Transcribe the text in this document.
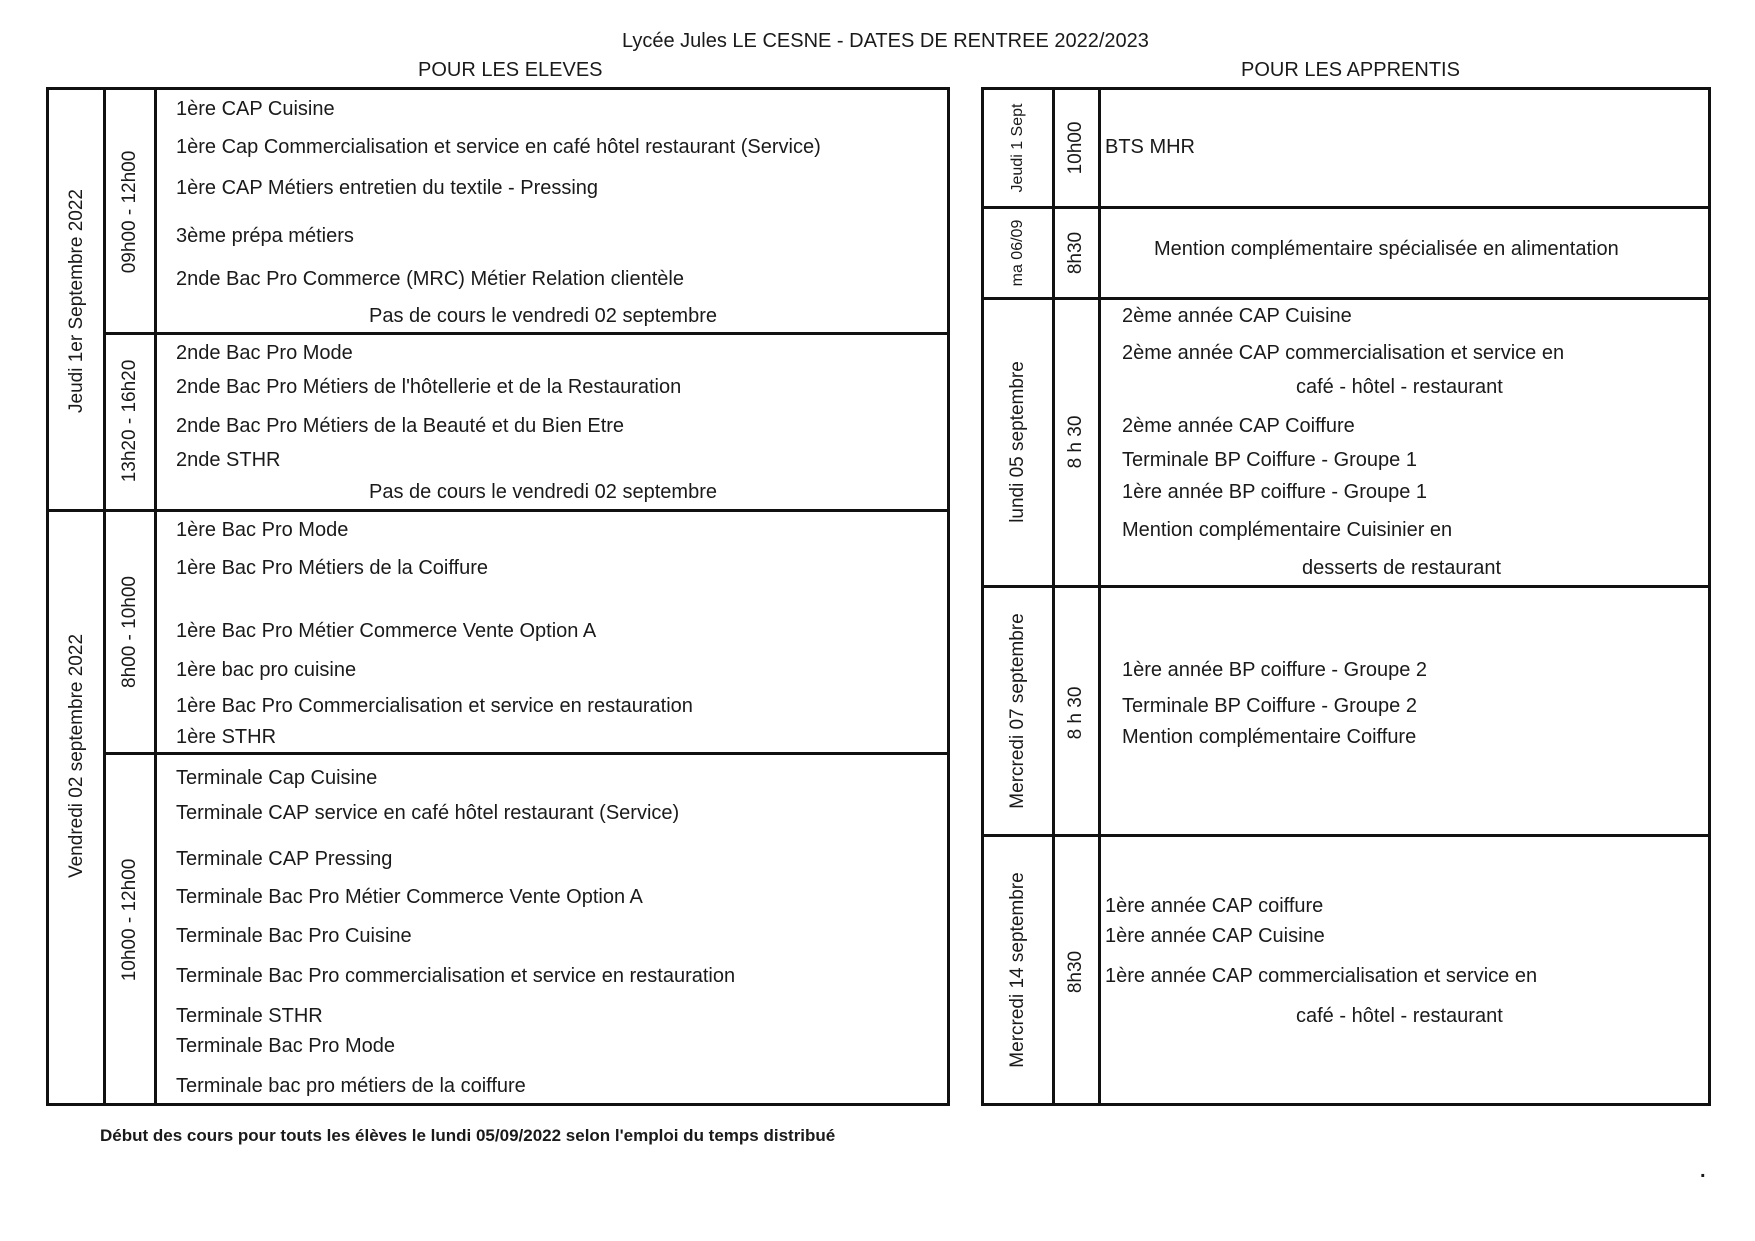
Lycée Jules LE CESNE - DATES DE RENTREE 2022/2023
POUR LES ELEVES	POUR LES APPRENTIS
Jeudi 1er Septembre 2022
Vendredi 02 septembre 2022
09h00 - 12h00
13h20 - 16h20
8h00 - 10h00
10h00 - 12h00
1ère CAP Cuisine
1ère Cap Commercialisation et service en café hôtel restaurant (Service)
1ère CAP Métiers entretien du textile - Pressing
3ème prépa métiers
2nde Bac Pro Commerce (MRC) Métier Relation clientèle
Pas de cours le vendredi 02 septembre
2nde Bac Pro Mode
2nde Bac Pro Métiers de l'hôtellerie et de la Restauration
2nde Bac Pro Métiers de la Beauté et du Bien Etre
2nde STHR
Pas de cours le vendredi 02 septembre
1ère Bac Pro Mode
1ère Bac Pro Métiers de la Coiffure
1ère Bac Pro Métier Commerce Vente Option A
1ère bac pro cuisine
1ère Bac Pro Commercialisation et service en restauration
1ère STHR
Terminale Cap Cuisine
Terminale CAP service en café hôtel restaurant (Service)
Terminale CAP Pressing
Terminale Bac Pro Métier Commerce Vente Option A
Terminale Bac Pro Cuisine
Terminale Bac Pro commercialisation et service en restauration
Terminale STHR
Terminale Bac Pro Mode
Terminale bac pro métiers de la coiffure
Jeudi 1 Sept
ma 06/09
lundi 05 septembre
Mercredi 07 septembre
Mercredi 14 septembre
10h00
8h30
8 h 30
8 h 30
8h30
BTS MHR
Mention complémentaire spécialisée en alimentation
2ème année CAP Cuisine
2ème année CAP commercialisation et service en
café - hôtel - restaurant
2ème année CAP Coiffure
Terminale BP Coiffure - Groupe 1
1ère année BP coiffure - Groupe 1
Mention complémentaire Cuisinier en
desserts de restaurant
1ère année BP coiffure - Groupe 2
Terminale BP Coiffure - Groupe 2
Mention complémentaire Coiffure
1ère année CAP coiffure
1ère année CAP Cuisine
1ère année CAP commercialisation et service en
café - hôtel - restaurant
Début des cours pour touts les élèves le lundi 05/09/2022 selon l'emploi du temps distribué
.
